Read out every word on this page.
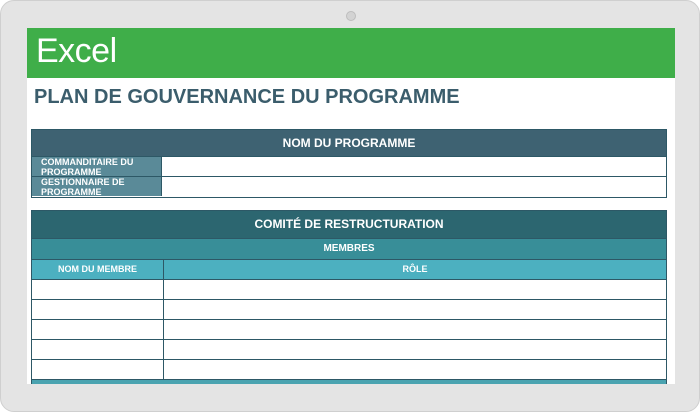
Excel
PLAN DE GOUVERNANCE DU PROGRAMME
NOM DU PROGRAMME
COMMANDITAIRE DU PROGRAMME
GESTIONNAIRE DE PROGRAMME
COMITÉ DE RESTRUCTURATION
MEMBRES
NOM DU MEMBRE	RÔLE
